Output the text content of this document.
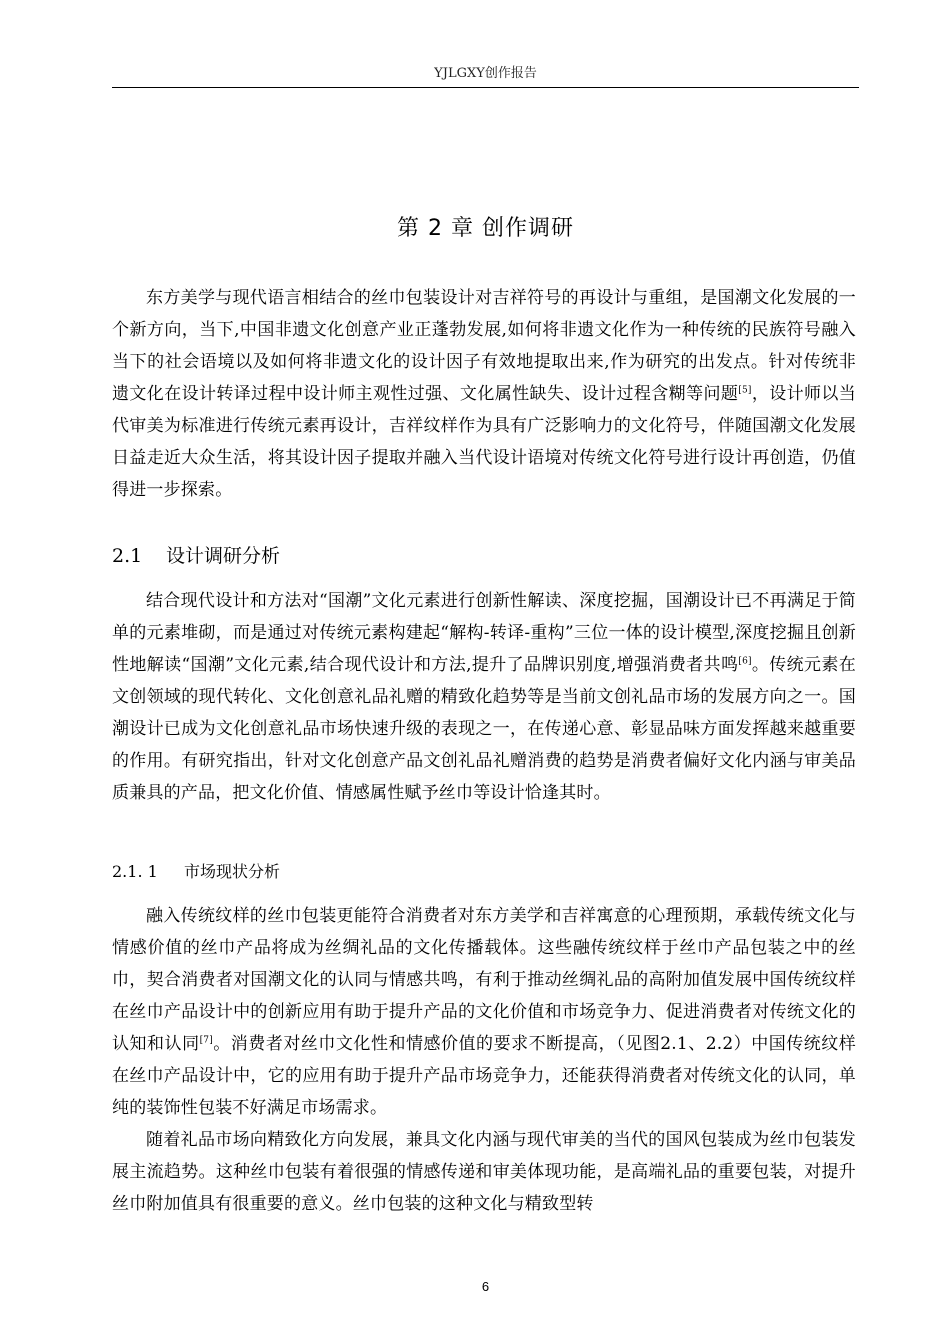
YJLGXY创作报告
第 2 章 创作调研

东方美学与现代语言相结合的丝巾包装设计对吉祥符号的再设计与重组，是国潮文化发展的一个新方向，当下,中国非遗文化创意产业正蓬勃发展,如何将非遗文化作为一种传统的民族符号融入当下的社会语境以及如何将非遗文化的设计因子有效地提取出来,作为研究的出发点。针对传统非遗文化在设计转译过程中设计师主观性过强、文化属性缺失、设计过程含糊等问题[5]，设计师以当代审美为标准进行传统元素再设计，吉祥纹样作为具有广泛影响力的文化符号，伴随国潮文化发展日益走近大众生活，将其设计因子提取并融入当代设计语境对传统文化符号进行设计再创造，仍值得进一步探索。

2.1 设计调研分析

结合现代设计和方法对“国潮”文化元素进行创新性解读、深度挖掘，国潮设计已不再满足于简单的元素堆砌，而是通过对传统元素构建起“解构-转译-重构”三位一体的设计模型,深度挖掘且创新性地解读“国潮”文化元素,结合现代设计和方法,提升了品牌识别度,增强消费者共鸣[6]。传统元素在文创领域的现代转化、文化创意礼品礼赠的精致化趋势等是当前文创礼品市场的发展方向之一。国潮设计已成为文化创意礼品市场快速升级的表现之一，在传递心意、彰显品味方面发挥越来越重要的作用。有研究指出，针对文化创意产品文创礼品礼赠消费的趋势是消费者偏好文化内涵与审美品质兼具的产品，把文化价值、情感属性赋予丝巾等设计恰逢其时。

2.1. 1 市场现状分析

融入传统纹样的丝巾包装更能符合消费者对东方美学和吉祥寓意的心理预期，承载传统文化与情感价值的丝巾产品将成为丝绸礼品的文化传播载体。这些融传统纹样于丝巾产品包装之中的丝巾，契合消费者对国潮文化的认同与情感共鸣，有利于推动丝绸礼品的高附加值发展中国传统纹样在丝巾产品设计中的创新应用有助于提升产品的文化价值和市场竞争力、促进消费者对传统文化的认知和认同[7]。消费者对丝巾文化性和情感价值的要求不断提高，（见图2.1、2.2）中国传统纹样在丝巾产品设计中，它的应用有助于提升产品市场竞争力，还能获得消费者对传统文化的认同，单纯的装饰性包装不好满足市场需求。

随着礼品市场向精致化方向发展，兼具文化内涵与现代审美的当代的国风包装成为丝巾包装发展主流趋势。这种丝巾包装有着很强的情感传递和审美体现功能，是高端礼品的重要包装，对提升丝巾附加值具有很重要的意义。丝巾包装的这种文化与精致型转

6
